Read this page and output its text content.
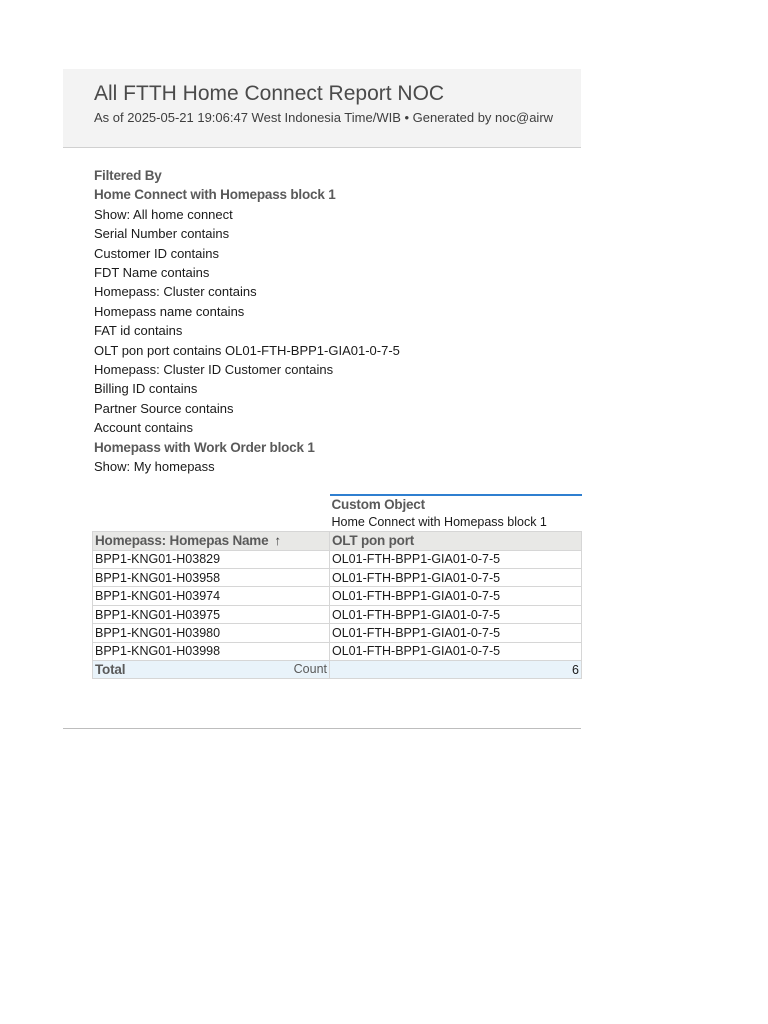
All FTTH Home Connect Report NOC
As of 2025-05-21 19:06:47 West Indonesia Time/WIB • Generated by noc@airw
Filtered By
Home Connect with Homepass block 1
Show: All home connect
Serial Number contains
Customer ID contains
FDT Name contains
Homepass: Cluster contains
Homepass name contains
FAT id contains
OLT pon port contains OL01-FTH-BPP1-GIA01-0-7-5
Homepass: Cluster ID Customer contains
Billing ID contains
Partner Source contains
Account contains
Homepass with Work Order block 1
Show: My homepass
	Custom Object
	Home Connect with Homepass block 1
Homepass: Homepas Name ↑	OLT pon port
BPP1-KNG01-H03829	OL01-FTH-BPP1-GIA01-0-7-5
BPP1-KNG01-H03958	OL01-FTH-BPP1-GIA01-0-7-5
BPP1-KNG01-H03974	OL01-FTH-BPP1-GIA01-0-7-5
BPP1-KNG01-H03975	OL01-FTH-BPP1-GIA01-0-7-5
BPP1-KNG01-H03980	OL01-FTH-BPP1-GIA01-0-7-5
BPP1-KNG01-H03998	OL01-FTH-BPP1-GIA01-0-7-5
Total Count	6
